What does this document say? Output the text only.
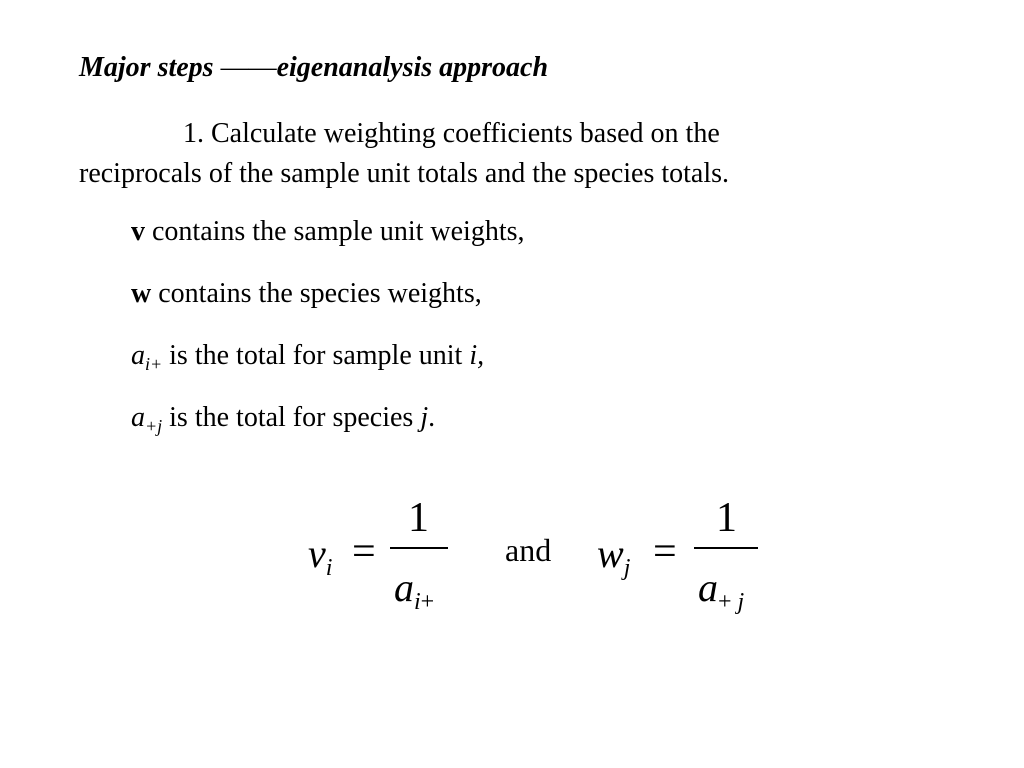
Major steps ——eigenanalysis approach
1. Calculate weighting coefficients based on the
reciprocals of the sample unit totals and the species totals.
v contains the sample unit weights,
w contains the species weights,
$a_{i+}$ is the total for sample unit i,
$a_{+j}$ is the total for species j.
$v_i$ =
1
$a_{i+}$
and $w_j$ =
1
$a_{+ j}$
